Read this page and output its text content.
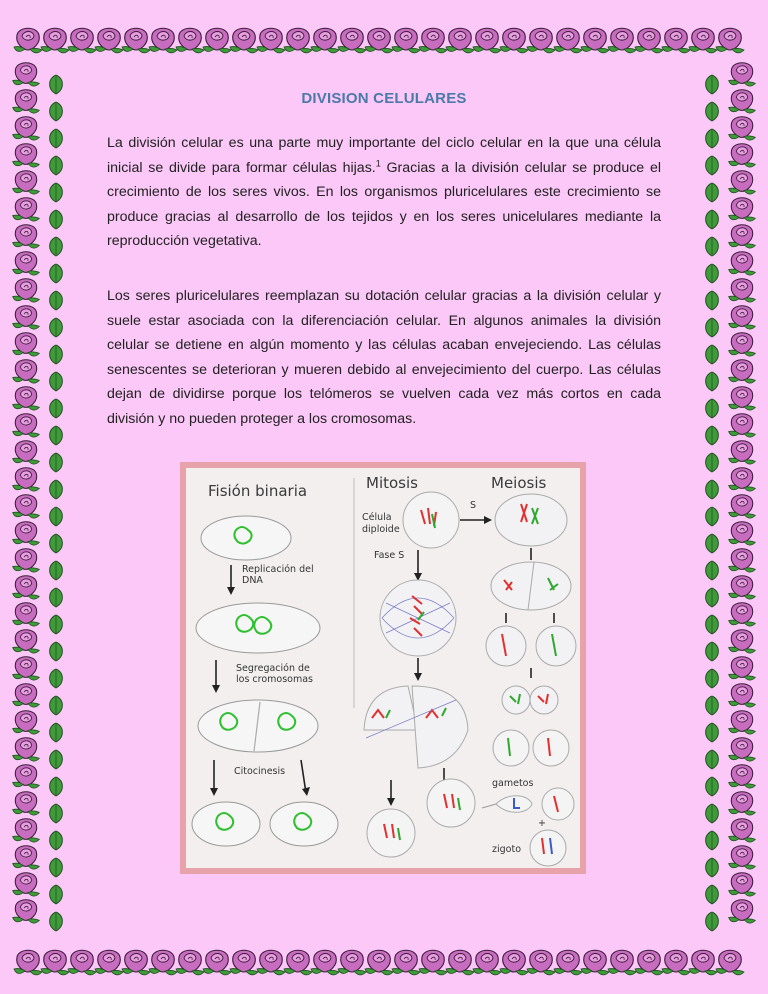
DIVISION CELULARES

La división celular es una parte muy importante del ciclo celular en la que una célula inicial se divide para formar células hijas.$^1$ Gracias a la división celular se produce el crecimiento de los seres vivos. En los organismos pluricelulares este crecimiento se produce gracias al desarrollo de los tejidos y en los seres unicelulares mediante la reproducción vegetativa.

Los seres pluricelulares reemplazan su dotación celular gracias a la división celular y suele estar asociada con la diferenciación celular. En algunos animales la división celular se detiene en algún momento y las células acaban envejeciendo. Las células senescentes se deterioran y mueren debido al envejecimiento del cuerpo. Las células dejan de dividirse porque los telómeros se vuelven cada vez más cortos en cada división y no pueden proteger a los cromosomas.

Fisión binaria	Mitosis	Meiosis
Replicación del
DNA
Segregación de
los cromosomas
Citocinesis
Célula
diploide
Fase S
S
gametos
+
zigoto
